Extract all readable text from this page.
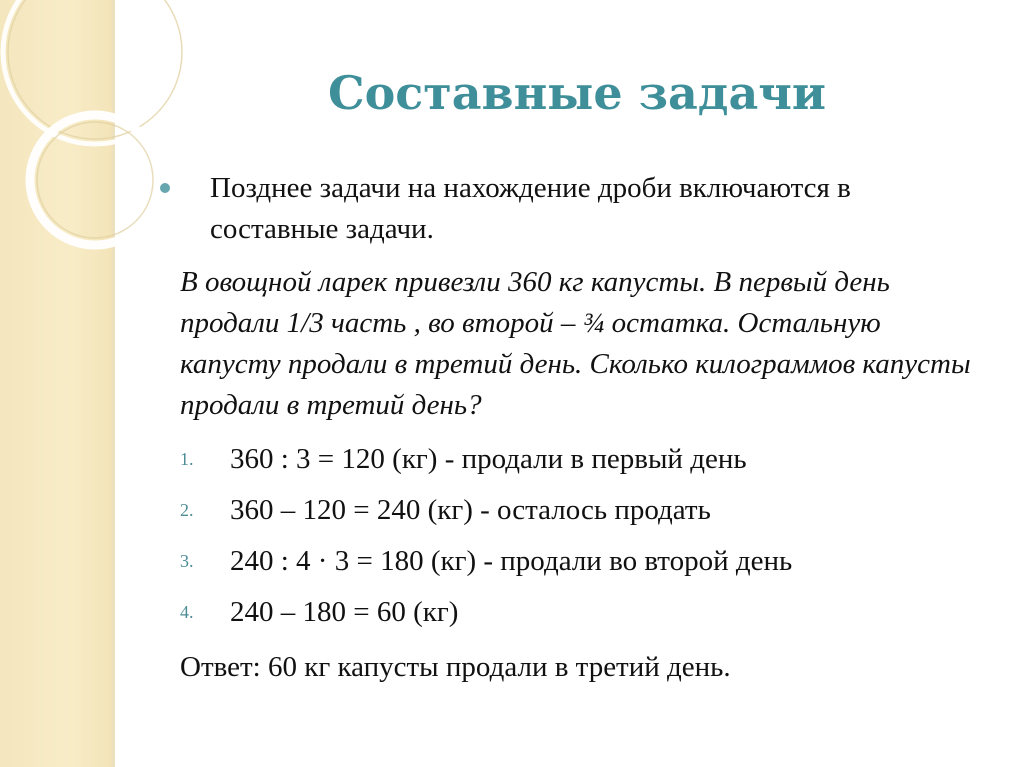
Составные задачи
Позднее задачи на нахождение дроби включаются в составные задачи.
В овощной ларек привезли 360 кг капусты. В первый день продали 1/3 часть , во второй – ¾ остатка. Остальную капусту продали в третий день. Сколько килограммов капусты продали в третий день?
1. 360 : 3 = 120 (кг) - продали в первый день
2. 360 – 120 = 240 (кг) - осталось продать
3. 240 : 4 · 3 = 180 (кг) - продали во второй день
4. 240 – 180 = 60 (кг)
Ответ: 60 кг капусты продали в третий день.
